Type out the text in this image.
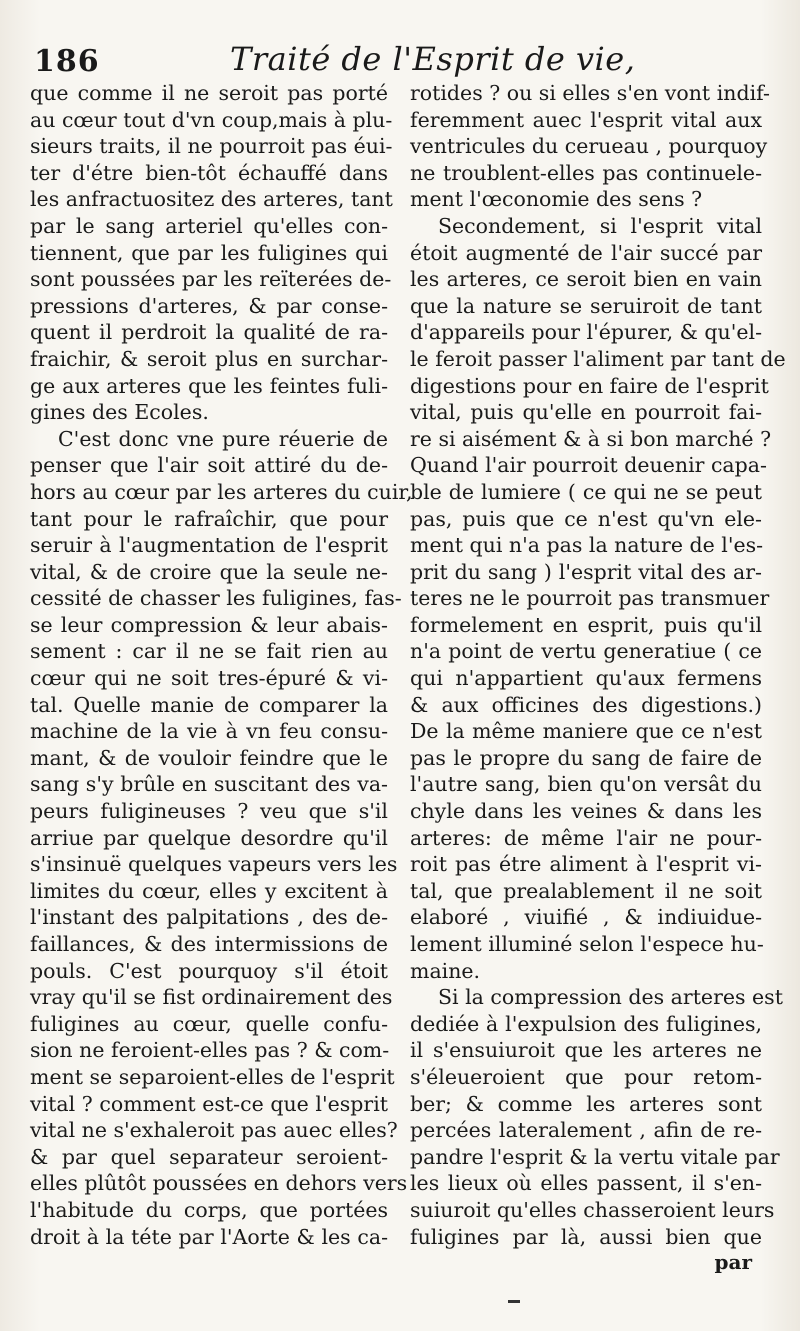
186	Traité de l'Esprit de vie,
que comme il ne seroit pas porté
au cœur tout d'vn coup,mais à plu-
sieurs traits, il ne pourroit pas éui-
ter d'étre bien-tôt échauffé dans
les anfractuositez des arteres, tant
par le sang arteriel qu'elles con-
tiennent, que par les fuligines qui
sont poussées par les reïterées de-
pressions d'arteres, & par conse-
quent il perdroit la qualité de ra-
fraichir, & seroit plus en surchar-
ge aux arteres que les feintes fuli-
gines des Ecoles.
C'est donc vne pure réuerie de
penser que l'air soit attiré du de-
hors au cœur par les arteres du cuir,
tant pour le rafraîchir, que pour
seruir à l'augmentation de l'esprit
vital, & de croire que la seule ne-
cessité de chasser les fuligines, fas-
se leur compression & leur abais-
sement : car il ne se fait rien au
cœur qui ne soit tres-épuré & vi-
tal. Quelle manie de comparer la
machine de la vie à vn feu consu-
mant, & de vouloir feindre que le
sang s'y brûle en suscitant des va-
peurs fuligineuses ? veu que s'il
arriue par quelque desordre qu'il
s'insinuë quelques vapeurs vers les
limites du cœur, elles y excitent à
l'instant des palpitations , des de-
faillances, & des intermissions de
pouls. C'est pourquoy s'il étoit
vray qu'il se fist ordinairement des
fuligines au cœur, quelle confu-
sion ne feroient-elles pas ? & com-
ment se separoient-elles de l'esprit
vital ? comment est-ce que l'esprit
vital ne s'exhaleroit pas auec elles?
& par quel separateur seroient-
elles plûtôt poussées en dehors vers
l'habitude du corps, que portées
droit à la téte par l'Aorte & les ca-
rotides ? ou si elles s'en vont indif-
feremment auec l'esprit vital aux
ventricules du cerueau , pourquoy
ne troublent-elles pas continuele-
ment l'œconomie des sens ?
Secondement, si l'esprit vital
étoit augmenté de l'air succé par
les arteres, ce seroit bien en vain
que la nature se seruiroit de tant
d'appareils pour l'épurer, & qu'el-
le feroit passer l'aliment par tant de
digestions pour en faire de l'esprit
vital, puis qu'elle en pourroit fai-
re si aisément & à si bon marché ?
Quand l'air pourroit deuenir capa-
ble de lumiere ( ce qui ne se peut
pas, puis que ce n'est qu'vn ele-
ment qui n'a pas la nature de l'es-
prit du sang ) l'esprit vital des ar-
teres ne le pourroit pas transmuer
formelement en esprit, puis qu'il
n'a point de vertu generatiue ( ce
qui n'appartient qu'aux fermens
& aux officines des digestions.)
De la même maniere que ce n'est
pas le propre du sang de faire de
l'autre sang, bien qu'on versât du
chyle dans les veines & dans les
arteres: de même l'air ne pour-
roit pas étre aliment à l'esprit vi-
tal, que prealablement il ne soit
elaboré , viuifié , & indiuidue-
lement illuminé selon l'espece hu-
maine.
Si la compression des arteres est
dediée à l'expulsion des fuligines,
il s'ensuiuroit que les arteres ne
s'éleueroient que pour retom-
ber; & comme les arteres sont
percées lateralement , afin de re-
pandre l'esprit & la vertu vitale par
les lieux où elles passent, il s'en-
suiuroit qu'elles chasseroient leurs
fuligines par là, aussi bien que
par
